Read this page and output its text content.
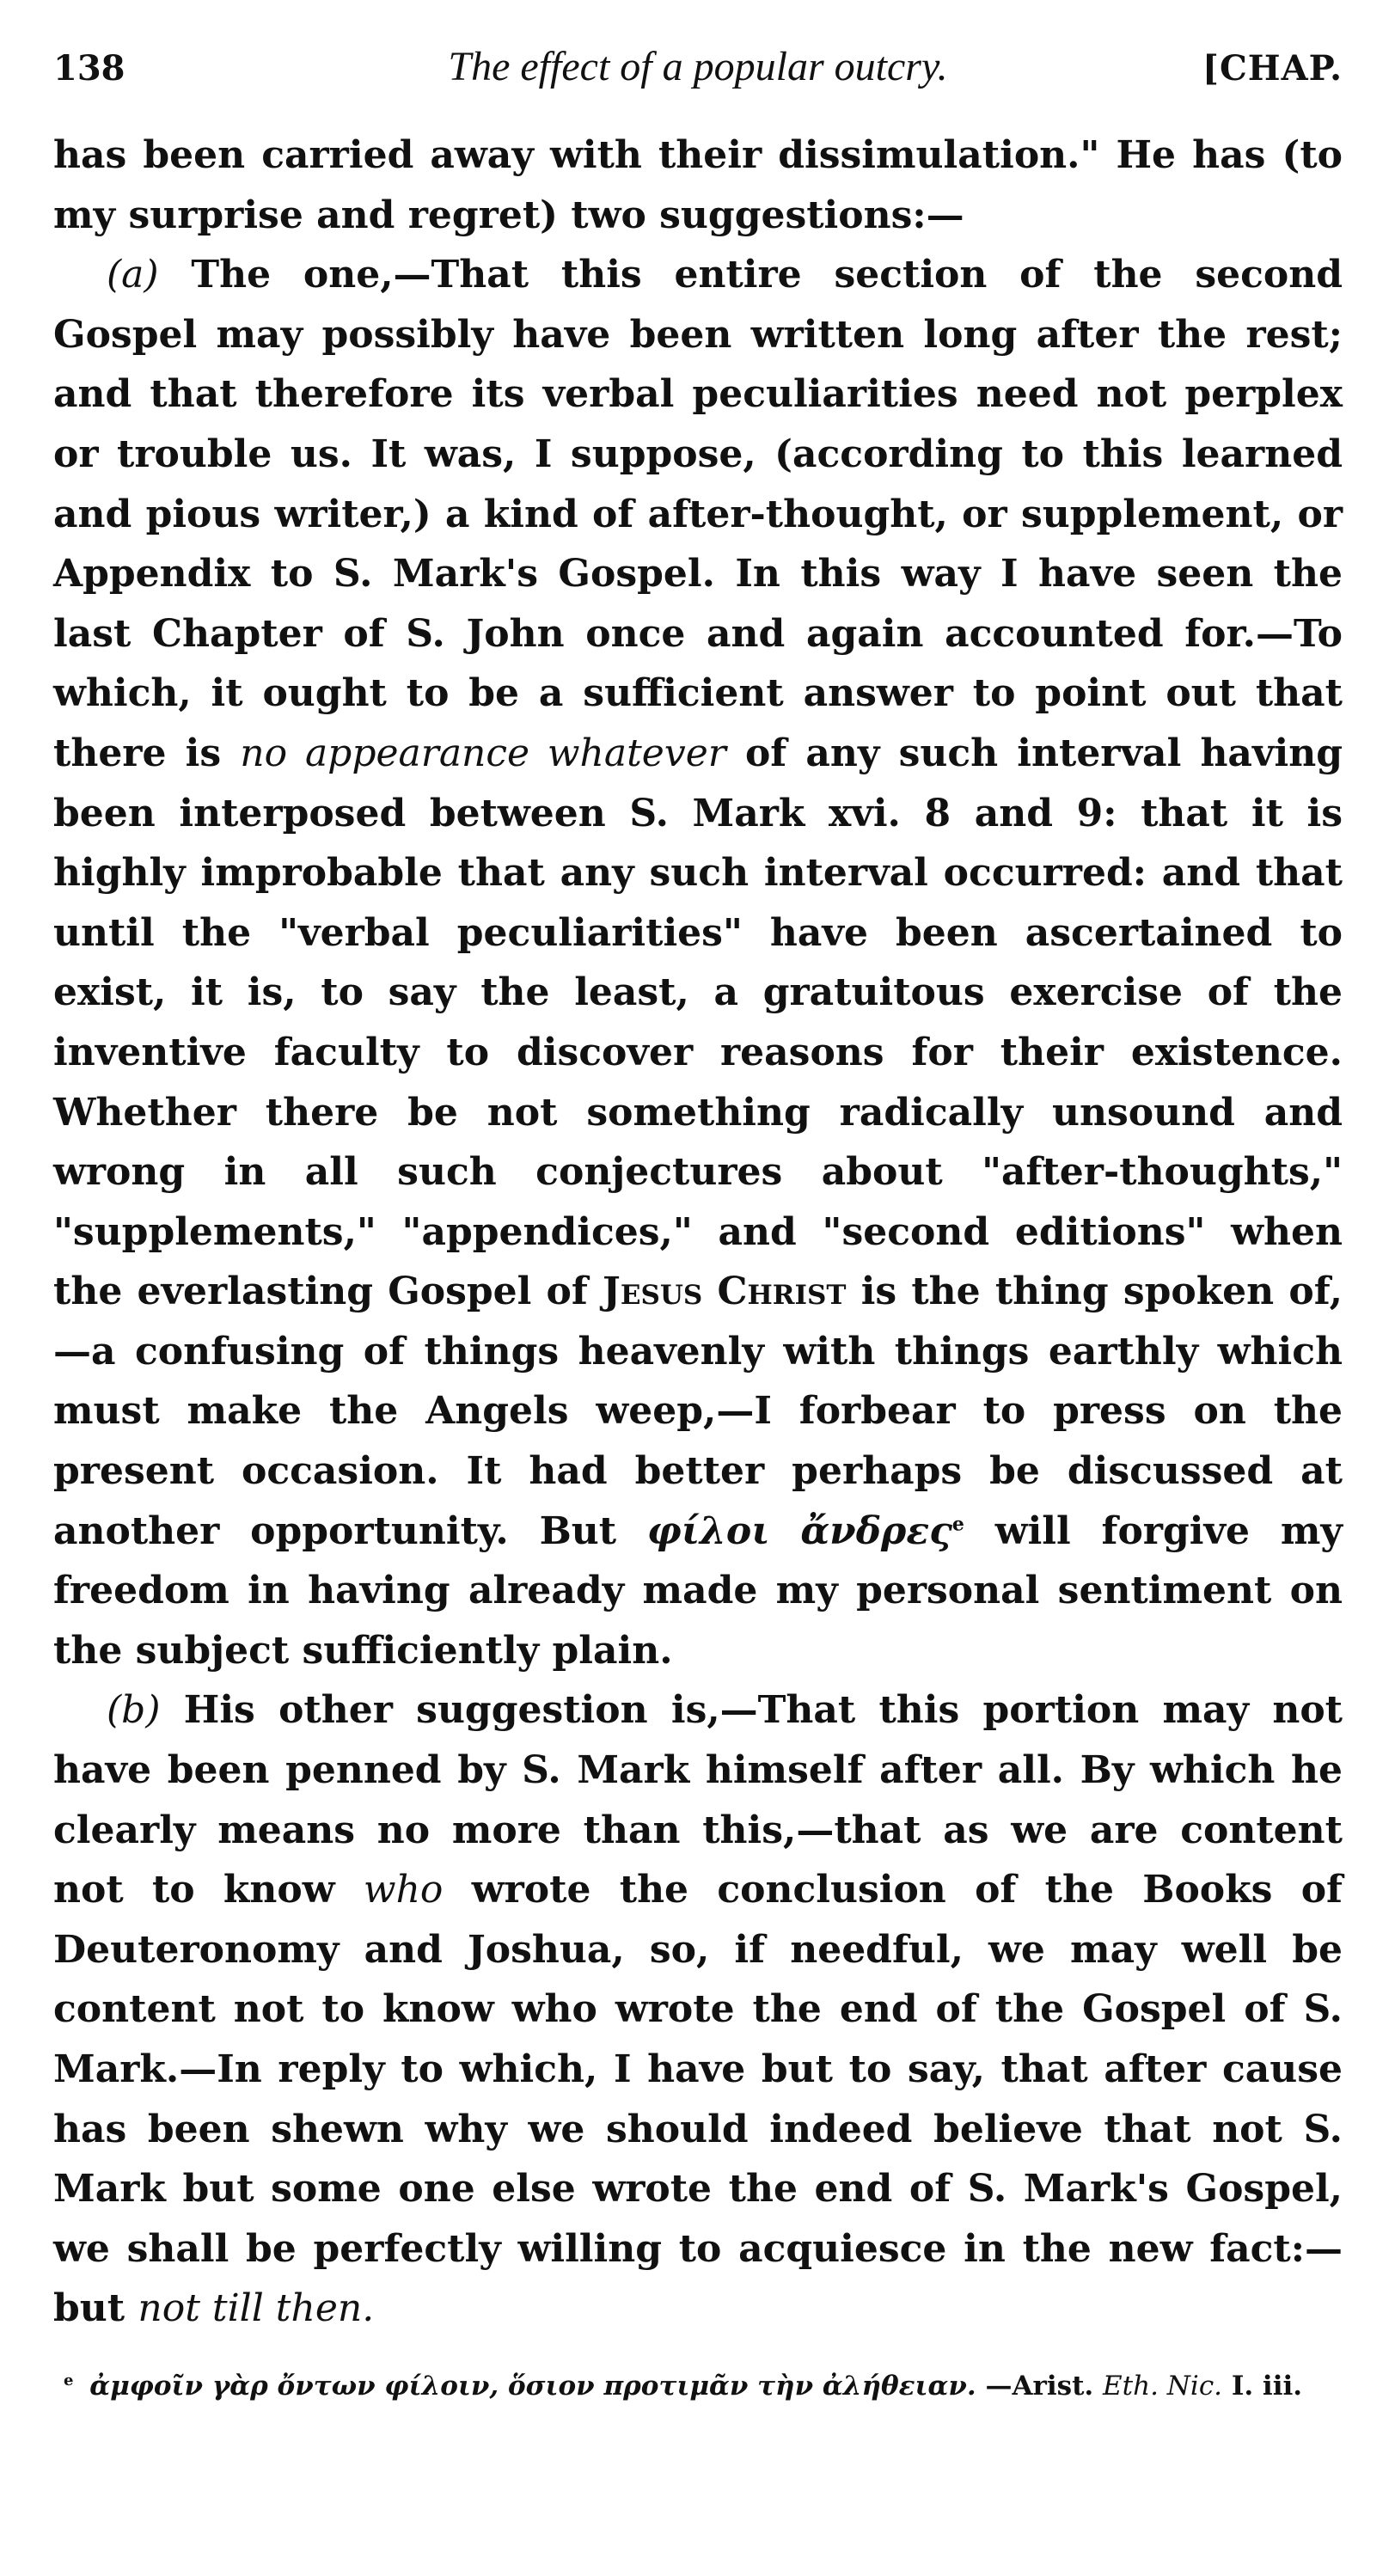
138	The effect of a popular outcry.	[CHAP.

has been carried away with their dissimulation." He has (to my surprise and regret) two suggestions:—

(a) The one,—That this entire section of the second Gospel may possibly have been written long after the rest; and that therefore its verbal peculiarities need not perplex or trouble us. It was, I suppose, (according to this learned and pious writer,) a kind of after-thought, or supplement, or Appendix to S. Mark's Gospel. In this way I have seen the last Chapter of S. John once and again accounted for.—To which, it ought to be a sufficient answer to point out that there is no appearance whatever of any such interval having been interposed between S. Mark xvi. 8 and 9: that it is highly improbable that any such interval occurred: and that until the "verbal peculiarities" have been ascertained to exist, it is, to say the least, a gratuitous exercise of the inventive faculty to discover reasons for their existence. Whether there be not something radically unsound and wrong in all such conjectures about "after-thoughts," "supplements," "appendices," and "second editions" when the everlasting Gospel of Jesus Christ is the thing spoken of,—a confusing of things heavenly with things earthly which must make the Angels weep,—I forbear to press on the present occasion. It had better perhaps be discussed at another opportunity. But φίλοι ἄνδρες$^e$ will forgive my freedom in having already made my personal sentiment on the subject sufficiently plain.

(b) His other suggestion is,—That this portion may not have been penned by S. Mark himself after all. By which he clearly means no more than this,—that as we are content not to know who wrote the conclusion of the Books of Deuteronomy and Joshua, so, if needful, we may well be content not to know who wrote the end of the Gospel of S. Mark.—In reply to which, I have but to say, that after cause has been shewn why we should indeed believe that not S. Mark but some one else wrote the end of S. Mark's Gospel, we shall be perfectly willing to acquiesce in the new fact:—but not till then.

$^e$ ἀμφοῖν γὰρ ὄντων φίλοιν, ὅσιον προτιμᾶν τὴν ἀλήθειαν. —Arist. Eth. Nic. I. iii.
